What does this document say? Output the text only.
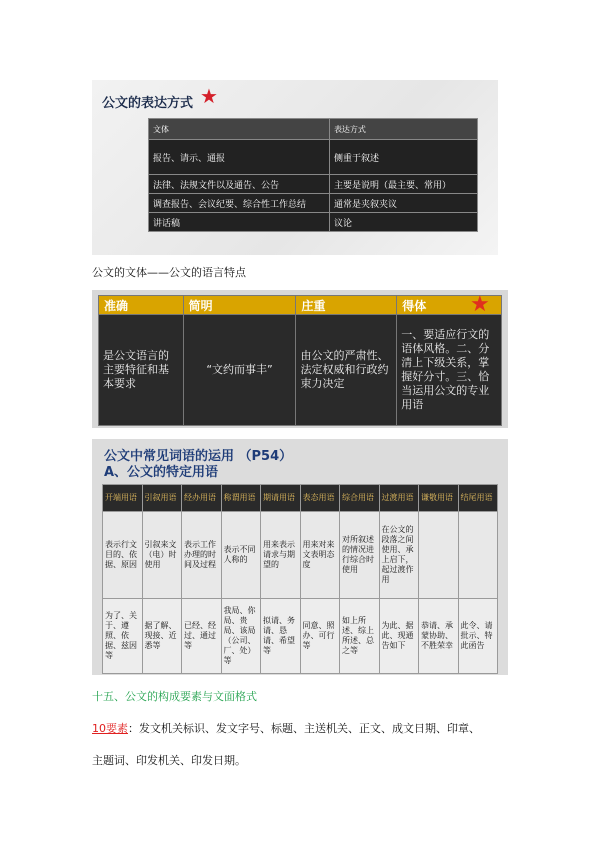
公文的表达方式 ★
文体	表达方式
报告、请示、通报	侧重于叙述
法律、法规文件以及通告、公告	主要是说明（最主要、常用）
调查报告、会议纪要、综合性工作总结	通常是夹叙夹议
讲话稿	议论
公文的文体——公文的语言特点
准确	简明	庄重	得体
是公文语言的主要特征和基本要求	“文约而事丰”	由公文的严肃性、法定权威和行政约束力决定	一、要适应行文的语体风格。二、分清上下级关系，掌握好分寸。三、恰当运用公文的专业用语
★
公文中常见词语的运用 （P54）
A、公文的特定用语
开端用语	引叙用语	经办用语	称谓用语	期请用语	表态用语	综合用语	过渡用语	谦敬用语	结尾用语
表示行文目的、依据、原因	引叙来文（电）时使用	表示工作办理的时间及过程	表示不同人称的	用来表示请求与期望的	用来对来文表明态度	对所叙述的情况进行综合时使用	在公文的段落之间使用、承上启下，起过渡作用		
为了、关于、遵照、依据、兹因等	据了解、现接、近悉等	已经、经过、通过等	我局、你局、贵局、该局（公司、厂、处）等	拟请、务请、恳请、希望等	同意、照办、可行等	如上所述、综上所述、总之等	为此、据此、现通告如下	恭请、承蒙协助、不胜荣幸	此令、请批示、特此函告
十五、公文的构成要素与文面格式
10要素：发文机关标识、发文字号、标题、主送机关、正文、成文日期、印章、
主题词、印发机关、印发日期。
